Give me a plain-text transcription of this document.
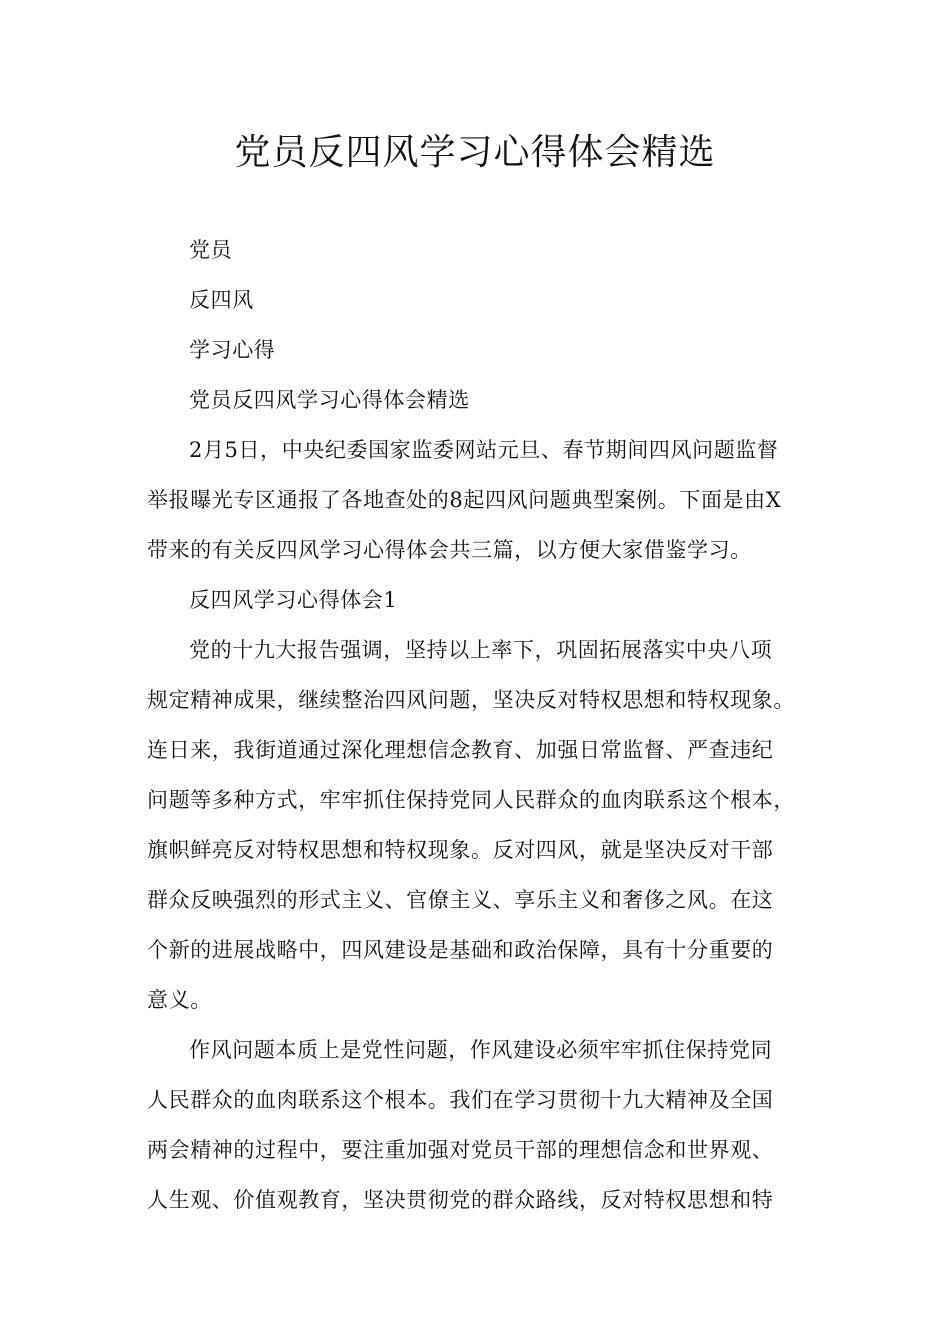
党员反四风学习心得体会精选
党员
反四风
学习心得
党员反四风学习心得体会精选
2月5日，中央纪委国家监委网站元旦、春节期间四风问题监督
举报曝光专区通报了各地查处的8起四风问题典型案例。下面是由X
带来的有关反四风学习心得体会共三篇，以方便大家借鉴学习。
反四风学习心得体会1
党的十九大报告强调，坚持以上率下，巩固拓展落实中央八项
规定精神成果，继续整治四风问题，坚决反对特权思想和特权现象。
连日来，我街道通过深化理想信念教育、加强日常监督、严查违纪
问题等多种方式，牢牢抓住保持党同人民群众的血肉联系这个根本，
旗帜鲜亮反对特权思想和特权现象。反对四风，就是坚决反对干部
群众反映强烈的形式主义、官僚主义、享乐主义和奢侈之风。在这
个新的进展战略中，四风建设是基础和政治保障，具有十分重要的
意义。
作风问题本质上是党性问题，作风建设必须牢牢抓住保持党同
人民群众的血肉联系这个根本。我们在学习贯彻十九大精神及全国
两会精神的过程中，要注重加强对党员干部的理想信念和世界观、
人生观、价值观教育，坚决贯彻党的群众路线，反对特权思想和特
